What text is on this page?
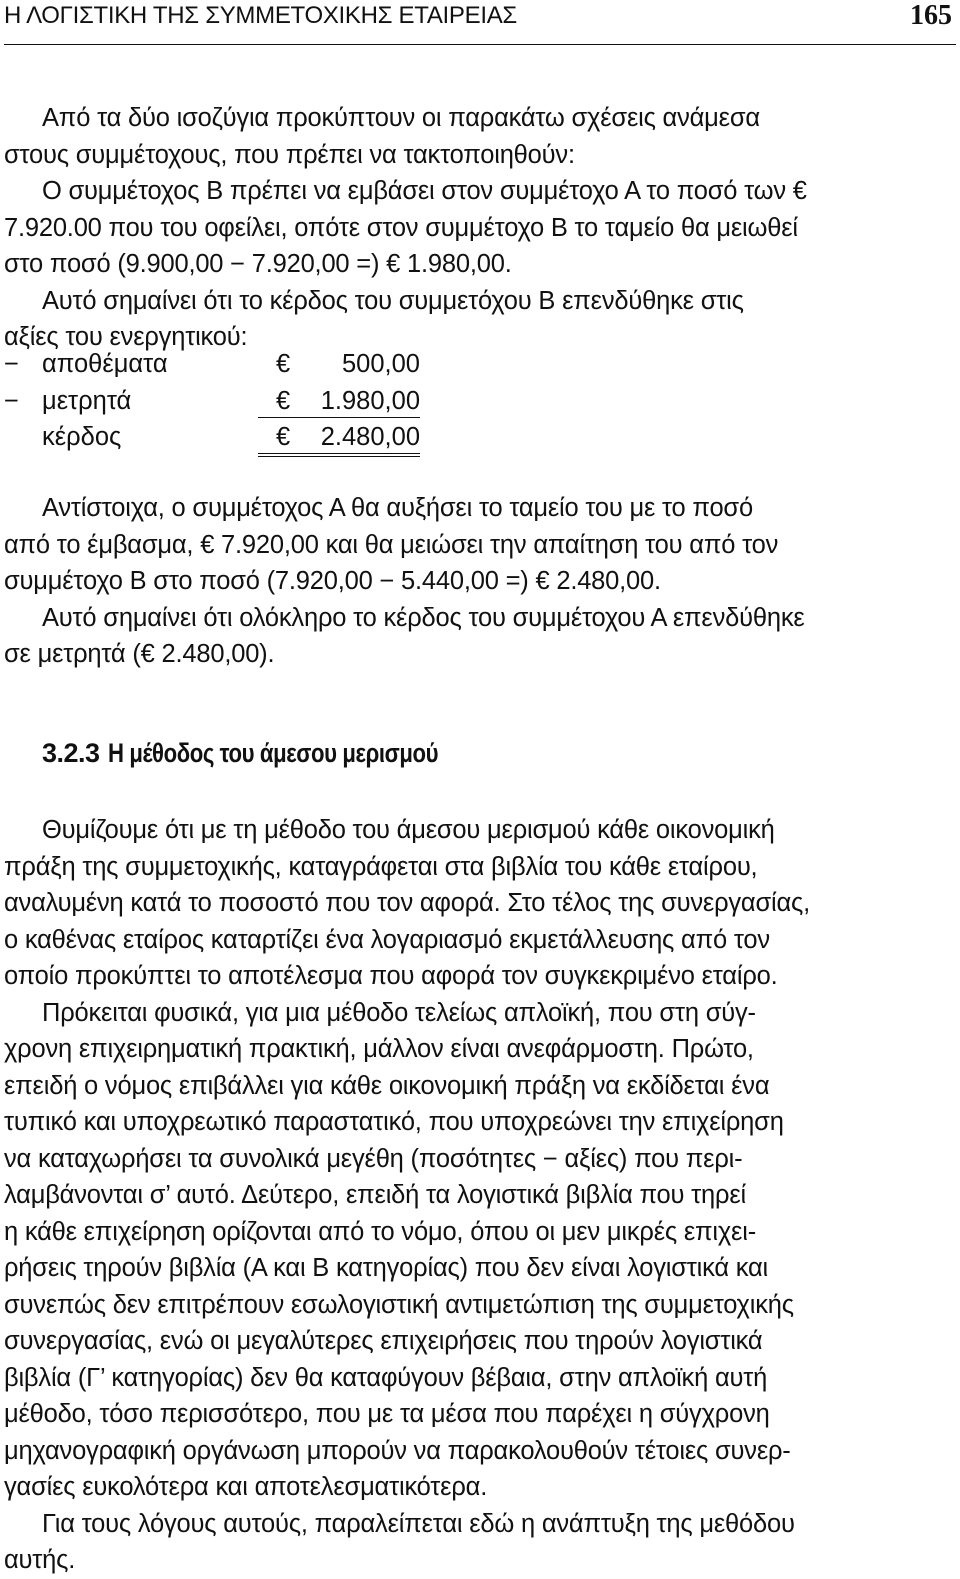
Η ΛΟΓΙΣΤΙΚΗ ΤΗΣ ΣΥΜΜΕΤΟΧΙΚΗΣ ΕΤΑΙΡΕΙΑΣ	165
Από τα δύο ισοζύγια προκύπτουν οι παρακάτω σχέσεις ανάμεσα
στους συμμέτοχους, που πρέπει να τακτοποιηθούν:
Ο συμμέτοχος Β πρέπει να εμβάσει στον συμμέτοχο Α το ποσό των €
7.920.00 που του οφείλει, οπότε στον συμμέτοχο Β το ταμείο θα μειωθεί
στο ποσό (9.900,00 − 7.920,00 =) € 1.980,00.
Αυτό σημαίνει ότι το κέρδος του συμμετόχου Β επενδύθηκε στις
αξίες του ενεργητικού:
− αποθέματα	€ 500,00
− μετρητά	€ 1.980,00
κέρδος	€ 2.480,00
Αντίστοιχα, ο συμμέτοχος Α θα αυξήσει το ταμείο του με το ποσό
από το έμβασμα, € 7.920,00 και θα μειώσει την απαίτηση του από τον
συμμέτοχο Β στο ποσό (7.920,00 − 5.440,00 =) € 2.480,00.
Αυτό σημαίνει ότι ολόκληρο το κέρδος του συμμέτοχου Α επενδύθηκε
σε μετρητά (€ 2.480,00).
3.2.3 Η μέθοδος του άμεσου μερισμού
Θυμίζουμε ότι με τη μέθοδο του άμεσου μερισμού κάθε οικονομική
πράξη της συμμετοχικής, καταγράφεται στα βιβλία του κάθε εταίρου,
αναλυμένη κατά το ποσοστό που τον αφορά. Στο τέλος της συνεργασίας,
ο καθένας εταίρος καταρτίζει ένα λογαριασμό εκμετάλλευσης από τον
οποίο προκύπτει το αποτέλεσμα που αφορά τον συγκεκριμένο εταίρο.
Πρόκειται φυσικά, για μια μέθοδο τελείως απλοϊκή, που στη σύγ-
χρονη επιχειρηματική πρακτική, μάλλον είναι ανεφάρμοστη. Πρώτο,
επειδή ο νόμος επιβάλλει για κάθε οικονομική πράξη να εκδίδεται ένα
τυπικό και υποχρεωτικό παραστατικό, που υποχρεώνει την επιχείρηση
να καταχωρήσει τα συνολικά μεγέθη (ποσότητες − αξίες) που περι-
λαμβάνονται σ’ αυτό. Δεύτερο, επειδή τα λογιστικά βιβλία που τηρεί
η κάθε επιχείρηση ορίζονται από το νόμο, όπου οι μεν μικρές επιχει-
ρήσεις τηρούν βιβλία (Α και Β κατηγορίας) που δεν είναι λογιστικά και
συνεπώς δεν επιτρέπουν εσωλογιστική αντιμετώπιση της συμμετοχικής
συνεργασίας, ενώ οι μεγαλύτερες επιχειρήσεις που τηρούν λογιστικά
βιβλία (Γ’ κατηγορίας) δεν θα καταφύγουν βέβαια, στην απλοϊκή αυτή
μέθοδο, τόσο περισσότερο, που με τα μέσα που παρέχει η σύγχρονη
μηχανογραφική οργάνωση μπορούν να παρακολουθούν τέτοιες συνερ-
γασίες ευκολότερα και αποτελεσματικότερα.
Για τους λόγους αυτούς, παραλείπεται εδώ η ανάπτυξη της μεθόδου
αυτής.
